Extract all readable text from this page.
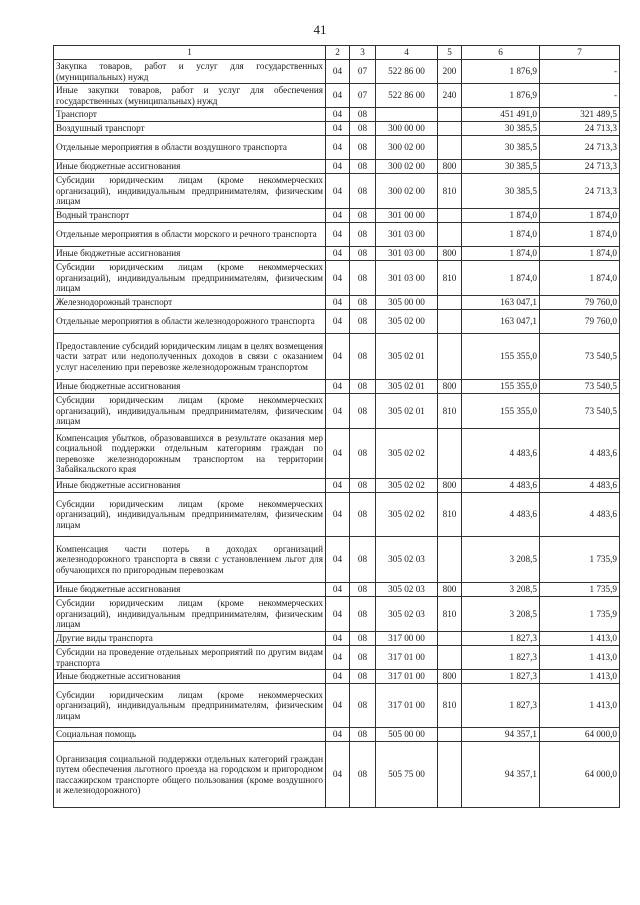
41
1	2	3	4	5	6	7
Закупка товаров, работ и услуг для государственных (муниципальных) нужд	04	07	522 86 00	200	1 876,9	-
Иные закупки товаров, работ и услуг для обеспечения государственных (муниципальных) нужд	04	07	522 86 00	240	1 876,9	-
Транспорт	04	08			451 491,0	321 489,5
Воздушный транспорт	04	08	300 00 00		30 385,5	24 713,3
Отдельные мероприятия в области воздушного транспорта	04	08	300 02 00		30 385,5	24 713,3
Иные бюджетные ассигнования	04	08	300 02 00	800	30 385,5	24 713,3
Субсидии юридическим лицам (кроме некоммерческих организаций), индивидуальным предпринимателям, физическим лицам	04	08	300 02 00	810	30 385,5	24 713,3
Водный транспорт	04	08	301 00 00		1 874,0	1 874,0
Отдельные мероприятия в области морского и речного транспорта	04	08	301 03 00		1 874,0	1 874,0
Иные бюджетные ассигнования	04	08	301 03 00	800	1 874,0	1 874,0
Субсидии юридическим лицам (кроме некоммерческих организаций), индивидуальным предпринимателям, физическим лицам	04	08	301 03 00	810	1 874,0	1 874,0
Железнодорожный транспорт	04	08	305 00 00		163 047,1	79 760,0
Отдельные мероприятия в области железнодорожного транспорта	04	08	305 02 00		163 047,1	79 760,0
Предоставление субсидий юридическим лицам в целях возмещения части затрат или недополученных доходов в связи с оказанием услуг населению при перевозке железнодорожным транспортом	04	08	305 02 01		155 355,0	73 540,5
Иные бюджетные ассигнования	04	08	305 02 01	800	155 355,0	73 540,5
Субсидии юридическим лицам (кроме некоммерческих организаций), индивидуальным предпринимателям, физическим лицам	04	08	305 02 01	810	155 355,0	73 540,5
Компенсация убытков, образовавшихся в результате оказания мер социальной поддержки отдельным категориям граждан по перевозке железнодорожным транспортом на территории Забайкальского края	04	08	305 02 02		4 483,6	4 483,6
Иные бюджетные ассигнования	04	08	305 02 02	800	4 483,6	4 483,6
Субсидии юридическим лицам (кроме некоммерческих организаций), индивидуальным предпринимателям, физическим лицам	04	08	305 02 02	810	4 483,6	4 483,6
Компенсация части потерь в доходах организаций железнодорожного транспорта в связи с установлением льгот для обучающихся по пригородным перевозкам	04	08	305 02 03		3 208,5	1 735,9
Иные бюджетные ассигнования	04	08	305 02 03	800	3 208,5	1 735,9
Субсидии юридическим лицам (кроме некоммерческих организаций), индивидуальным предпринимателям, физическим лицам	04	08	305 02 03	810	3 208,5	1 735,9
Другие виды транспорта	04	08	317 00 00		1 827,3	1 413,0
Субсидии на проведение отдельных мероприятий по другим видам транспорта	04	08	317 01 00		1 827,3	1 413,0
Иные бюджетные ассигнования	04	08	317 01 00	800	1 827,3	1 413,0
Субсидии юридическим лицам (кроме некоммерческих организаций), индивидуальным предпринимателям, физическим лицам	04	08	317 01 00	810	1 827,3	1 413,0
Социальная помощь	04	08	505 00 00		94 357,1	64 000,0
Организация социальной поддержки отдельных категорий граждан путем обеспечения льготного проезда на городском и пригородном пассажирском транспорте общего пользования (кроме воздушного и железнодорожного)	04	08	505 75 00		94 357,1	64 000,0
